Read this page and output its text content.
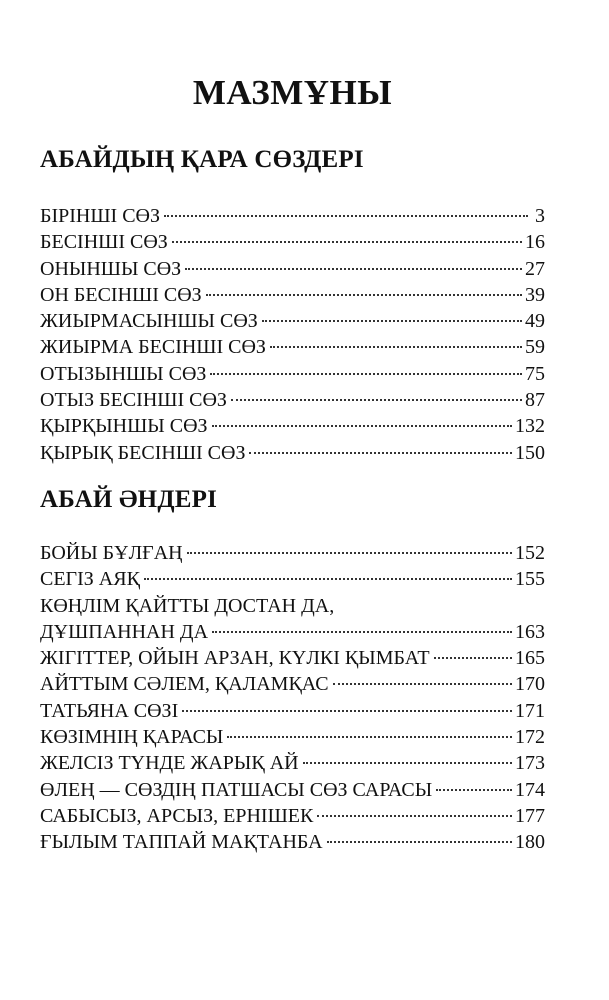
МАЗМҰНЫ
АБАЙДЫҢ ҚАРА СӨЗДЕРІ
БІРІНШІ СӨЗ	3
БЕСІНШІ СӨЗ	16
ОНЫНШЫ СӨЗ	27
ОН БЕСІНШІ СӨЗ	39
ЖИЫРМАСЫНШЫ СӨЗ	49
ЖИЫРМА БЕСІНШІ СӨЗ	59
ОТЫЗЫНШЫ СӨЗ	75
ОТЫЗ БЕСІНШІ СӨЗ	87
ҚЫРҚЫНШЫ СӨЗ	132
ҚЫРЫҚ БЕСІНШІ СӨЗ	150
АБАЙ ӘНДЕРІ
БОЙЫ БҰЛҒАҢ	152
СЕГІЗ АЯҚ	155
КӨҢЛІМ ҚАЙТТЫ ДОСТАН ДА,
ДҰШПАННАН ДА	163
ЖІГІТТЕР, ОЙЫН АРЗАН, КҮЛКІ ҚЫМБАТ	165
АЙТТЫМ СӘЛЕМ, ҚАЛАМҚАС	170
ТАТЬЯНА СӨЗІ	171
КӨЗІМНІҢ ҚАРАСЫ	172
ЖЕЛСІЗ ТҮНДЕ ЖАРЫҚ АЙ	173
ӨЛЕҢ — СӨЗДІҢ ПАТШАСЫ СӨЗ САРАСЫ	174
САБЫСЫЗ, АРСЫЗ, ЕРНІШЕК	177
ҒЫЛЫМ ТАППАЙ МАҚТАНБА	180
